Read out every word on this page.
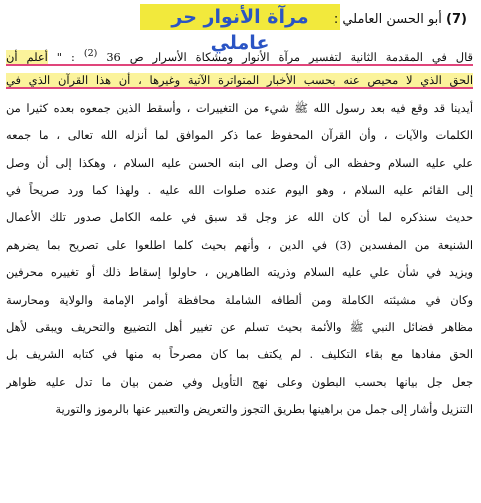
مرآة الأنوار حر عاملي
(7) أبو الحسن العاملي :
قال في المقدمة الثانية لتفسير مرآة الأنوار ومشكاة الأسرار ص 36 $^{(2)}$ : " أعلم أن
الحق الذي لا محيص عنه بحسب الأخبار المتواترة الآتية وغيرها ، أن هذا القرآن الذي في
أيدينا قد وقع فيه بعد رسول الله ﷺ شيء من التغييرات ، وأسقط الذين جمعوه بعده كثيرا من
الكلمات والآيات ، وأن القرآن المحفوظ عما ذكر الموافق لما أنزله الله تعالى ، ما جمعه
علي عليه السلام وحفظه الى أن وصل الى ابنه الحسن عليه السلام ، وهكذا إلى أن وصل
إلى القائم عليه السلام ، وهو اليوم عنده صلوات الله عليه . ولهذا كما ورد صريحاً في
حديث سنذكره لما أن كان الله عز وجل قد سبق في علمه الكامل صدور تلك الأعمال
الشنيعة من المفسدين (3) في الدين ، وأنهم بحيث كلما اطلعوا على تصريح بما يضرهم
ويزيد في شأن علي عليه السلام وذريته الطاهرين ، حاولوا إسقاط ذلك أو تغييره محرفين
وكان في مشيئته الكاملة ومن ألطافه الشاملة محافظة أوامر الإمامة والولاية ومحارسة
مظاهر فضائل النبي ﷺ والأئمة بحيث تسلم عن تغيير أهل التضييع والتحريف ويبقى لأهل
الحق مفادها مع بقاء التكليف . لم يكتف بما كان مصرحاً به منها في كتابه الشريف بل
جعل جل بيانها بحسب البطون وعلى نهج التأويل وفي ضمن بيان ما تدل عليه ظواهر
التنزيل وأشار إلى جمل من براهينها بطريق التجوز والتعريض والتعبير عنها بالرموز والتورية
